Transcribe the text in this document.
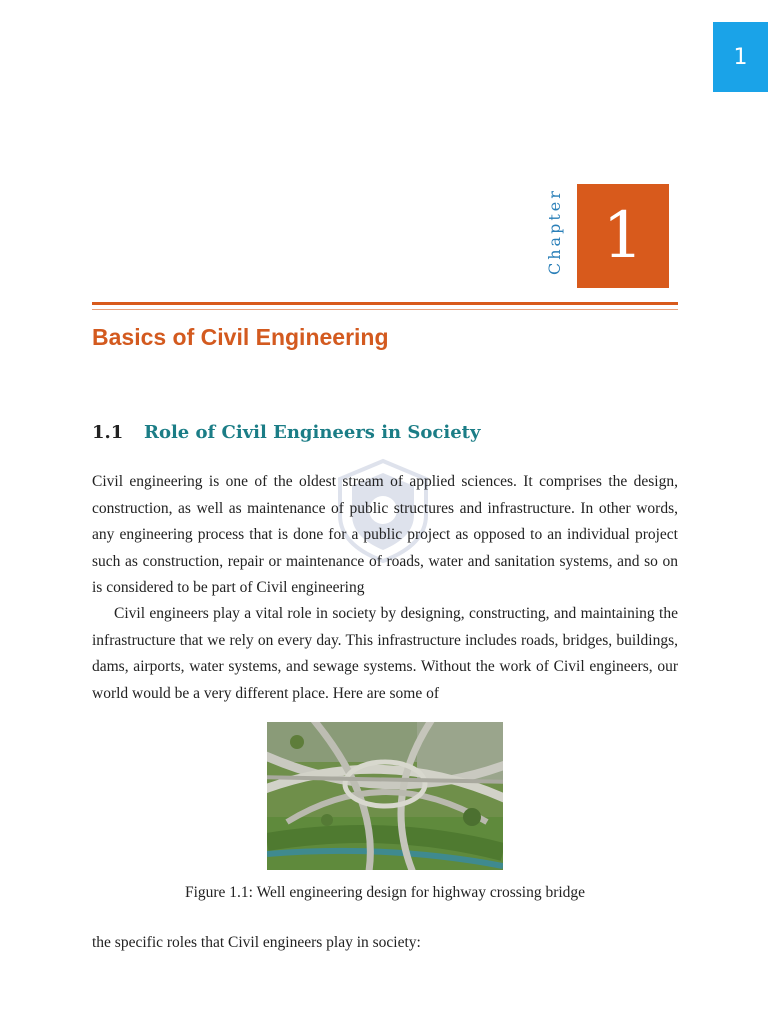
1
Chapter 1
Basics of Civil Engineering
1.1 Role of Civil Engineers in Society

Civil engineering is one of the oldest stream of applied sciences. It comprises the design, construction, as well as maintenance of public structures and infrastructure. In other words, any engineering process that is done for a public project as opposed to an individual project such as construction, repair or maintenance of roads, water and sanitation systems, and so on is considered to be part of Civil engineering

Civil engineers play a vital role in society by designing, constructing, and maintaining the infrastructure that we rely on every day. This infrastructure includes roads, bridges, buildings, dams, airports, water systems, and sewage systems. Without the work of Civil engineers, our world would be a very different place. Here are some of

Figure 1.1: Well engineering design for highway crossing bridge

the specific roles that Civil engineers play in society:
